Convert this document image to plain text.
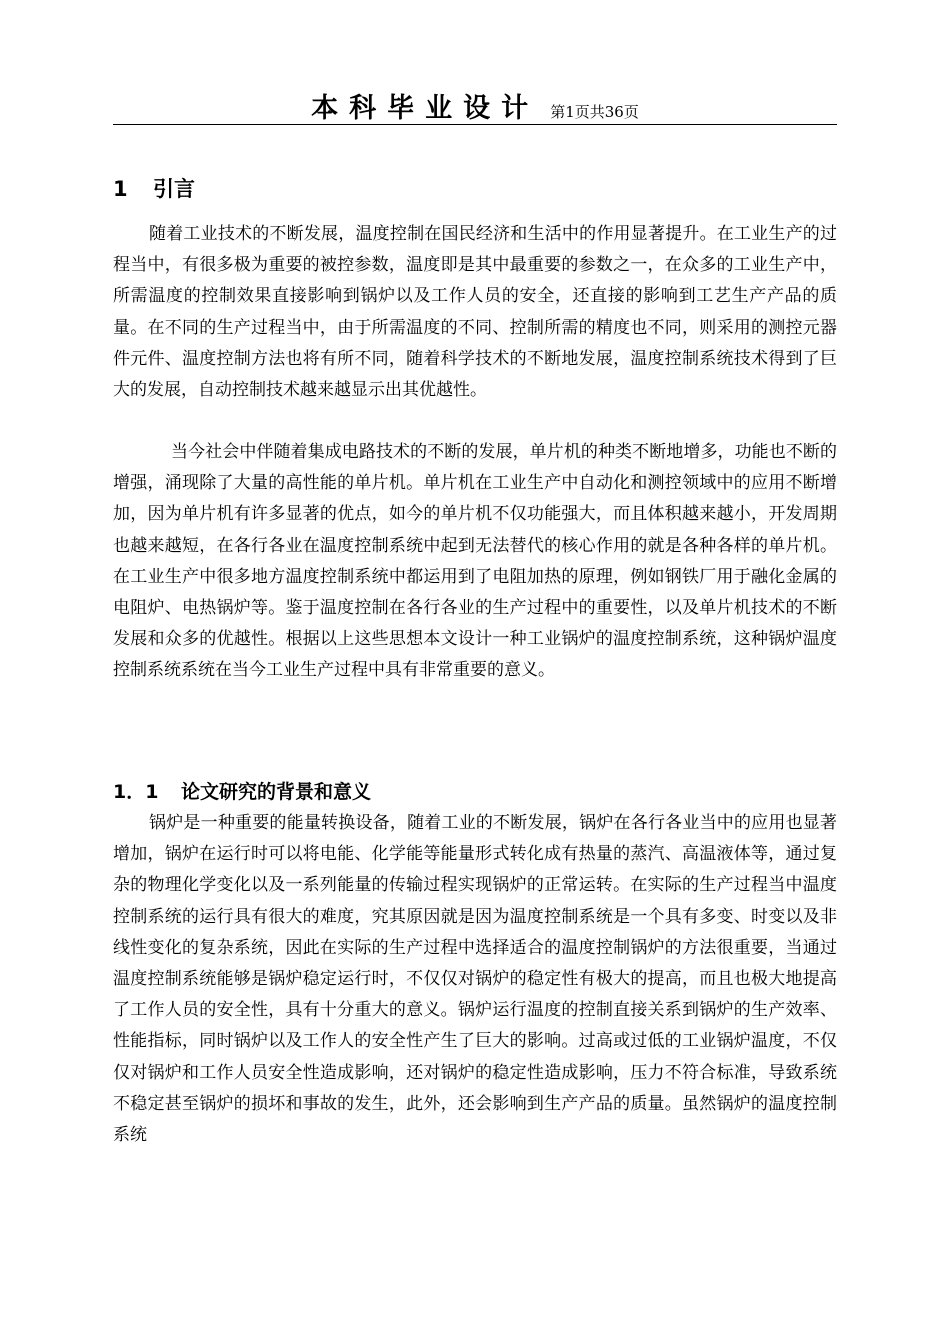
本科毕业设计 第1页共36页
1 引言

随着工业技术的不断发展，温度控制在国民经济和生活中的作用显著提升。在工业生产的过程当中，有很多极为重要的被控参数，温度即是其中最重要的参数之一，在众多的工业生产中，所需温度的控制效果直接影响到锅炉以及工作人员的安全，还直接的影响到工艺生产产品的质量。在不同的生产过程当中，由于所需温度的不同、控制所需的精度也不同，则采用的测控元器件元件、温度控制方法也将有所不同，随着科学技术的不断地发展，温度控制系统技术得到了巨大的发展，自动控制技术越来越显示出其优越性。

当今社会中伴随着集成电路技术的不断的发展，单片机的种类不断地增多，功能也不断的增强，涌现除了大量的高性能的单片机。单片机在工业生产中自动化和测控领域中的应用不断增加，因为单片机有许多显著的优点，如今的单片机不仅功能强大，而且体积越来越小，开发周期也越来越短，在各行各业在温度控制系统中起到无法替代的核心作用的就是各种各样的单片机。在工业生产中很多地方温度控制系统中都运用到了电阻加热的原理，例如钢铁厂用于融化金属的电阻炉、电热锅炉等。鉴于温度控制在各行各业的生产过程中的重要性，以及单片机技术的不断发展和众多的优越性。根据以上这些思想本文设计一种工业锅炉的温度控制系统，这种锅炉温度控制系统系统在当今工业生产过程中具有非常重要的意义。

1．1 论文研究的背景和意义

锅炉是一种重要的能量转换设备，随着工业的不断发展，锅炉在各行各业当中的应用也显著增加，锅炉在运行时可以将电能、化学能等能量形式转化成有热量的蒸汽、高温液体等，通过复杂的物理化学变化以及一系列能量的传输过程实现锅炉的正常运转。在实际的生产过程当中温度控制系统的运行具有很大的难度，究其原因就是因为温度控制系统是一个具有多变、时变以及非线性变化的复杂系统，因此在实际的生产过程中选择适合的温度控制锅炉的方法很重要，当通过温度控制系统能够是锅炉稳定运行时，不仅仅对锅炉的稳定性有极大的提高，而且也极大地提高了工作人员的安全性，具有十分重大的意义。锅炉运行温度的控制直接关系到锅炉的生产效率、性能指标，同时锅炉以及工作人的安全性产生了巨大的影响。过高或过低的工业锅炉温度，不仅仅对锅炉和工作人员安全性造成影响，还对锅炉的稳定性造成影响，压力不符合标准，导致系统不稳定甚至锅炉的损坏和事故的发生，此外，还会影响到生产产品的质量。虽然锅炉的温度控制系统
